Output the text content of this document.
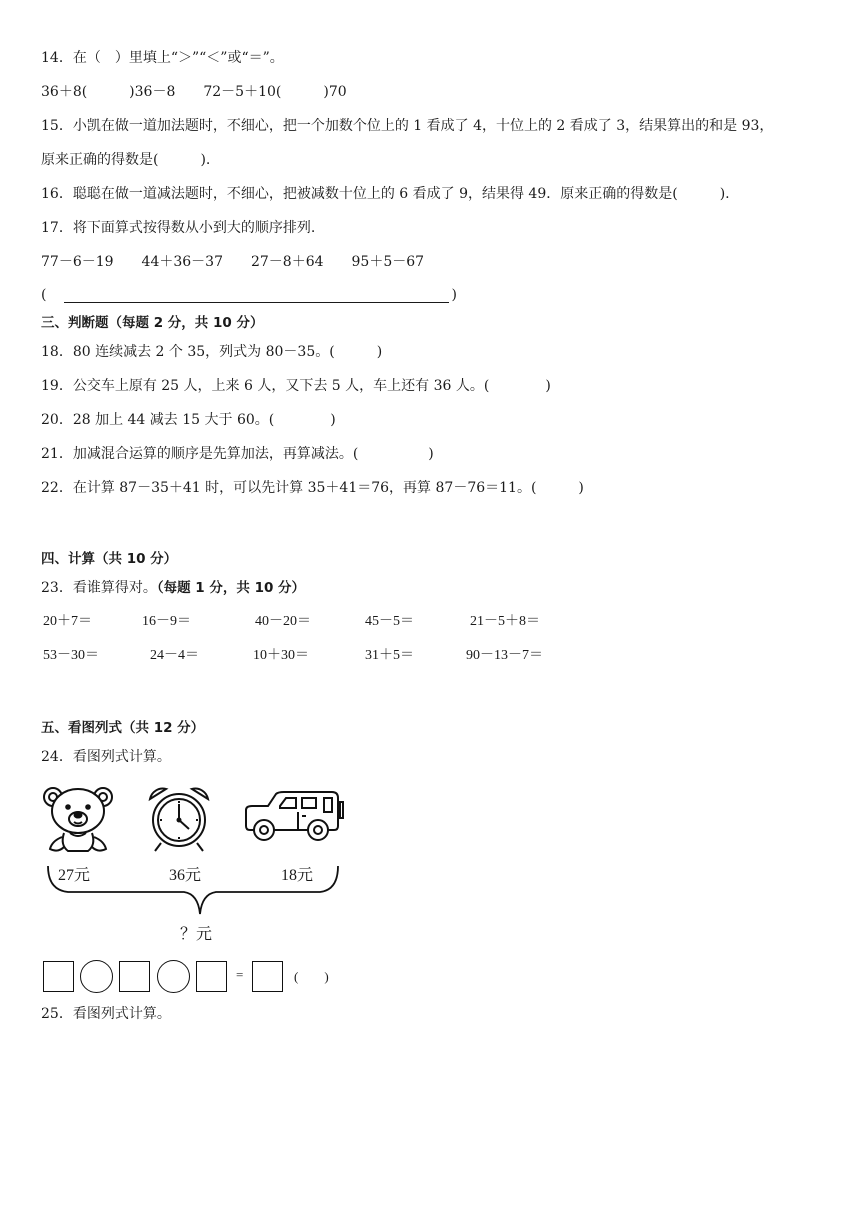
14．在（　）里填上“＞”“＜”或“＝”。
36＋8(　　　)36－8　　72－5＋10(　　　)70
15．小凯在做一道加法题时，不细心，把一个加数个位上的 1 看成了 4，十位上的 2 看成了 3，结果算出的和是 93，
原来正确的得数是(　　　).
16．聪聪在做一道减法题时，不细心，把被减数十位上的 6 看成了 9，结果得 49．原来正确的得数是(　　　).
17．将下面算式按得数从小到大的顺序排列.
77－6－19　　44＋36－37　　27－8＋64　　95＋5－67
(	)
三、判断题（每题 2 分，共 10 分）
18．80 连续减去 2 个 35，列式为 80－35。(　　　)
19．公交车上原有 25 人，上来 6 人，又下去 5 人，车上还有 36 人。(　　　　)
20．28 加上 44 减去 15 大于 60。(　　　　)
21．加减混合运算的顺序是先算加法，再算减法。(　　　　　)
22．在计算 87－35＋41 时，可以先计算 35＋41＝76，再算 87－76＝11。(　　　)
四、计算（共 10 分）
23．看谁算得对。（每题 1 分，共 10 分）
20＋7＝	16－9＝	40－20＝	45－5＝	21－5＋8＝
53－30＝	24－4＝	10＋30＝	31＋5＝	90－13－7＝
五、看图列式（共 12 分）
24．看图列式计算。
27元	36元	18元
？元
=	(　　)
25．看图列式计算。
